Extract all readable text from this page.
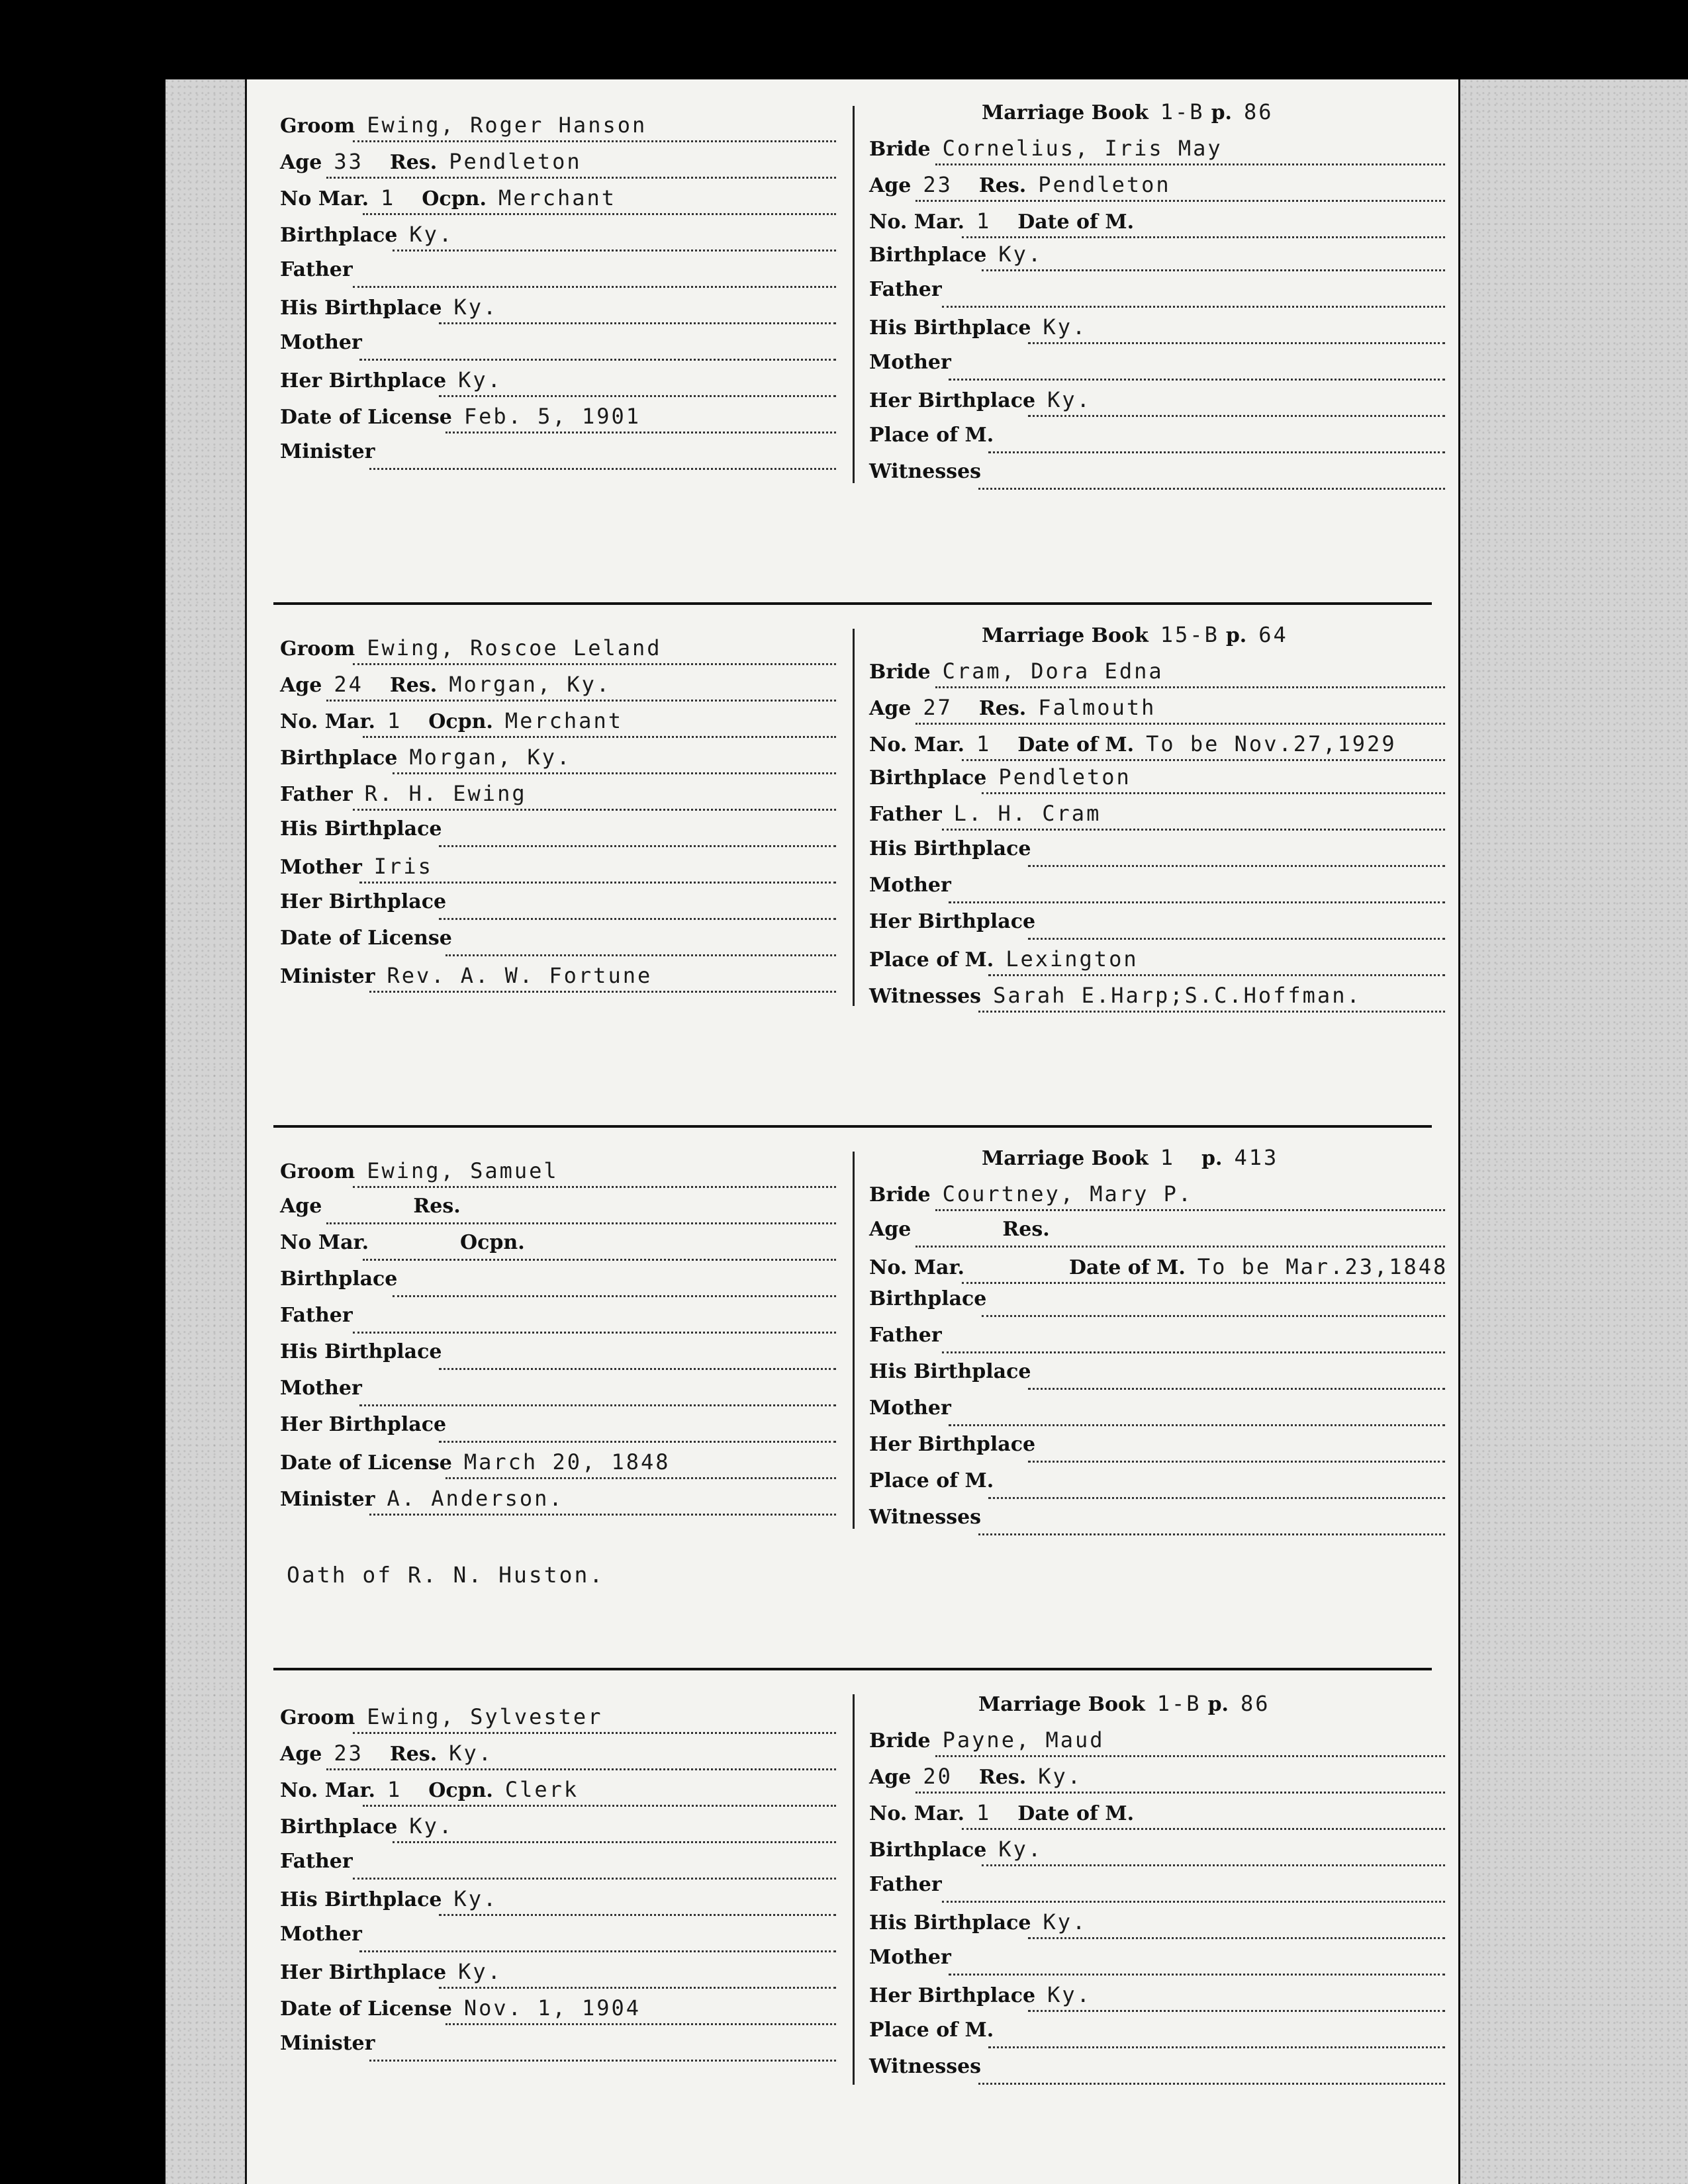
Groom Ewing, Roger Hanson
Age 33 Res. Pendleton
No Mar. 1 Ocpn. Merchant
Birthplace Ky.
Father
His Birthplace Ky.
Mother
Her Birthplace Ky.
Date of License Feb. 5, 1901
Minister
Marriage Book 1-B p. 86
Bride Cornelius, Iris May
Age 23 Res. Pendleton
No. Mar. 1 Date of M.
Birthplace Ky.
Father
His Birthplace Ky.
Mother
Her Birthplace Ky.
Place of M.
Witnesses
Groom Ewing, Roscoe Leland
Age 24 Res. Morgan, Ky.
No. Mar. 1 Ocpn. Merchant
Birthplace Morgan, Ky.
Father R. H. Ewing
His Birthplace
Mother Iris
Her Birthplace
Date of License
Minister Rev. A. W. Fortune
Marriage Book 15-B p. 64
Bride Cram, Dora Edna
Age 27 Res. Falmouth
No. Mar. 1 Date of M. To be Nov.27,1929
Birthplace Pendleton
Father L. H. Cram
His Birthplace
Mother
Her Birthplace
Place of M. Lexington
Witnesses Sarah E.Harp;S.C.Hoffman.
Groom Ewing, Samuel
Age	Res.
No Mar.	Ocpn.
Birthplace
Father
His Birthplace
Mother
Her Birthplace
Date of License March 20, 1848
Minister A. Anderson.
Marriage Book 1 p. 413
Bride Courtney, Mary P.
Age	Res.
No. Mar.	Date of M. To be Mar.23,1848
Birthplace
Father
His Birthplace
Mother
Her Birthplace
Place of M.
Witnesses
Oath of R. N. Huston.
Groom Ewing, Sylvester
Age 23 Res. Ky.
No. Mar. 1 Ocpn. Clerk
Birthplace Ky.
Father
His Birthplace Ky.
Mother
Her Birthplace Ky.
Date of License Nov. 1, 1904
Minister
Marriage Book 1-B p. 86
Bride Payne, Maud
Age 20 Res. Ky.
No. Mar. 1 Date of M.
Birthplace Ky.
Father
His Birthplace Ky.
Mother
Her Birthplace Ky.
Place of M.
Witnesses
